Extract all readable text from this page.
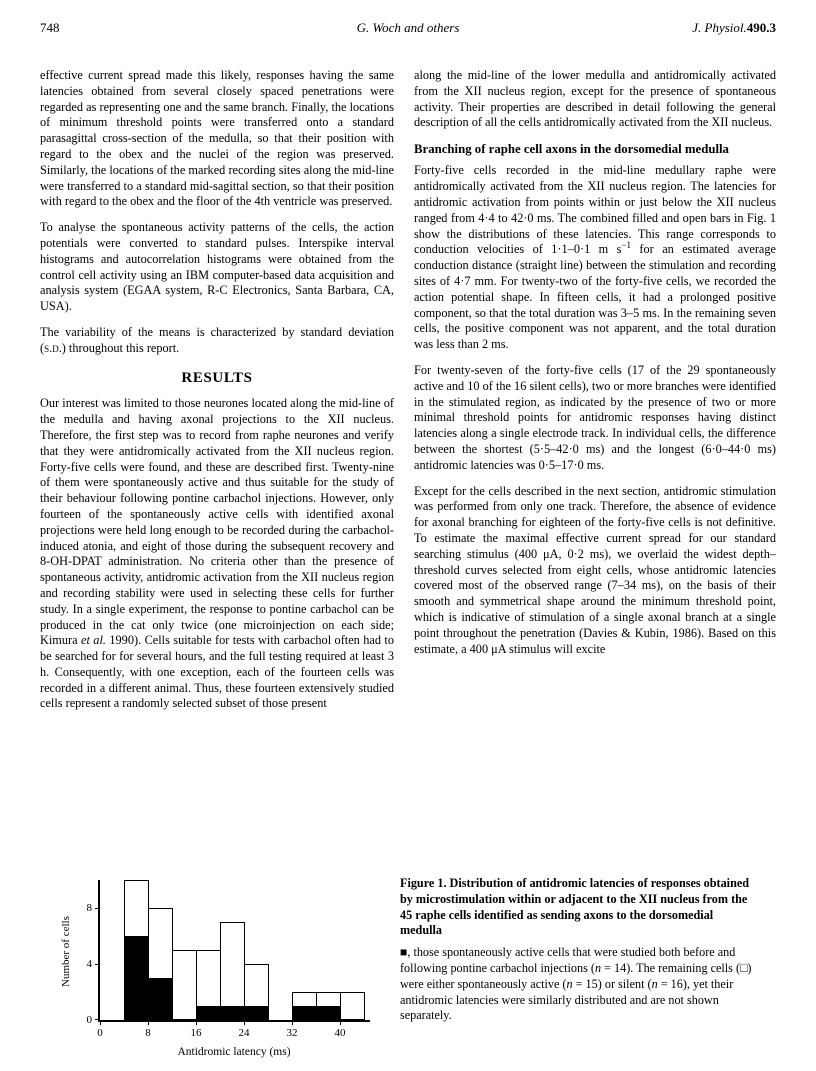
748	G. Woch and others	J. Physiol.490.3

effective current spread made this likely, responses having the same latencies obtained from several closely spaced penetrations were regarded as representing one and the same branch. Finally, the locations of minimum threshold points were transferred onto a standard parasagittal cross-section of the medulla, so that their position with regard to the obex and the nuclei of the region was preserved. Similarly, the locations of the marked recording sites along the mid-line were transferred to a standard mid-sagittal section, so that their position with regard to the obex and the floor of the 4th ventricle was preserved.

To analyse the spontaneous activity patterns of the cells, the action potentials were converted to standard pulses. Interspike interval histograms and autocorrelation histograms were obtained from the control cell activity using an IBM computer-based data acquisition and analysis system (EGAA system, R-C Electronics, Santa Barbara, CA, USA).

The variability of the means is characterized by standard deviation (s.d.) throughout this report.

RESULTS

Our interest was limited to those neurones located along the mid-line of the medulla and having axonal projections to the XII nucleus. Therefore, the first step was to record from raphe neurones and verify that they were antidromically activated from the XII nucleus region. Forty-five cells were found, and these are described first. Twenty-nine of them were spontaneously active and thus suitable for the study of their behaviour following pontine carbachol injections. However, only fourteen of the spontaneously active cells with identified axonal projections were held long enough to be recorded during the carbachol-induced atonia, and eight of those during the subsequent recovery and 8-OH-DPAT administration. No criteria other than the presence of spontaneous activity, antidromic activation from the XII nucleus region and recording stability were used in selecting these cells for further study. In a single experiment, the response to pontine carbachol can be produced in the cat only twice (one microinjection on each side; Kimura et al. 1990). Cells suitable for tests with carbachol often had to be searched for for several hours, and the full testing required at least 3 h. Consequently, with one exception, each of the fourteen cells was recorded in a different animal. Thus, these fourteen extensively studied cells represent a randomly selected subset of those present

along the mid-line of the lower medulla and antidromically activated from the XII nucleus region, except for the presence of spontaneous activity. Their properties are described in detail following the general description of all the cells antidromically activated from the XII nucleus.

Branching of raphe cell axons in the dorsomedial medulla

Forty-five cells recorded in the mid-line medullary raphe were antidromically activated from the XII nucleus region. The latencies for antidromic activation from points within or just below the XII nucleus ranged from 4·4 to 42·0 ms. The combined filled and open bars in Fig. 1 show the distributions of these latencies. This range corresponds to conduction velocities of 1·1–0·1 m $s^{-1}$ for an estimated average conduction distance (straight line) between the stimulation and recording sites of 4·7 mm. For twenty-two of the forty-five cells, we recorded the action potential shape. In fifteen cells, it had a prolonged positive component, so that the total duration was 3–5 ms. In the remaining seven cells, the positive component was not apparent, and the total duration was less than 2 ms.

For twenty-seven of the forty-five cells (17 of the 29 spontaneously active and 10 of the 16 silent cells), two or more branches were identified in the stimulated region, as indicated by the presence of two or more minimal threshold points for antidromic responses having distinct latencies along a single electrode track. In individual cells, the difference between the shortest (5·5–42·0 ms) and the longest (6·0–44·0 ms) antidromic latencies was 0·5–17·0 ms.

Except for the cells described in the next section, antidromic stimulation was performed from only one track. Therefore, the absence of evidence for axonal branching for eighteen of the forty-five cells is not definitive. To estimate the maximal effective current spread for our standard searching stimulus (400 μA, 0·2 ms), we overlaid the widest depth–threshold curves selected from eight cells, whose antidromic latencies covered most of the observed range (7–34 ms), on the basis of their smooth and symmetrical shape around the minimum threshold point, which is indicative of stimulation of a single axonal branch at a single point throughout the penetration (Davies & Kubin, 1986). Based on this estimate, a 400 μA stimulus will excite

Number of cells
0	8	16	24	32	40
0
4
8
Antidromic latency (ms)
Figure 1. Distribution of antidromic latencies of responses obtained by microstimulation within or adjacent to the XII nucleus from the 45 raphe cells identified as sending axons to the dorsomedial medulla
■, those spontaneously active cells that were studied both before and following pontine carbachol injections (n = 14). The remaining cells (□) were either spontaneously active (n = 15) or silent (n = 16), yet their antidromic latencies were similarly distributed and are not shown separately.
